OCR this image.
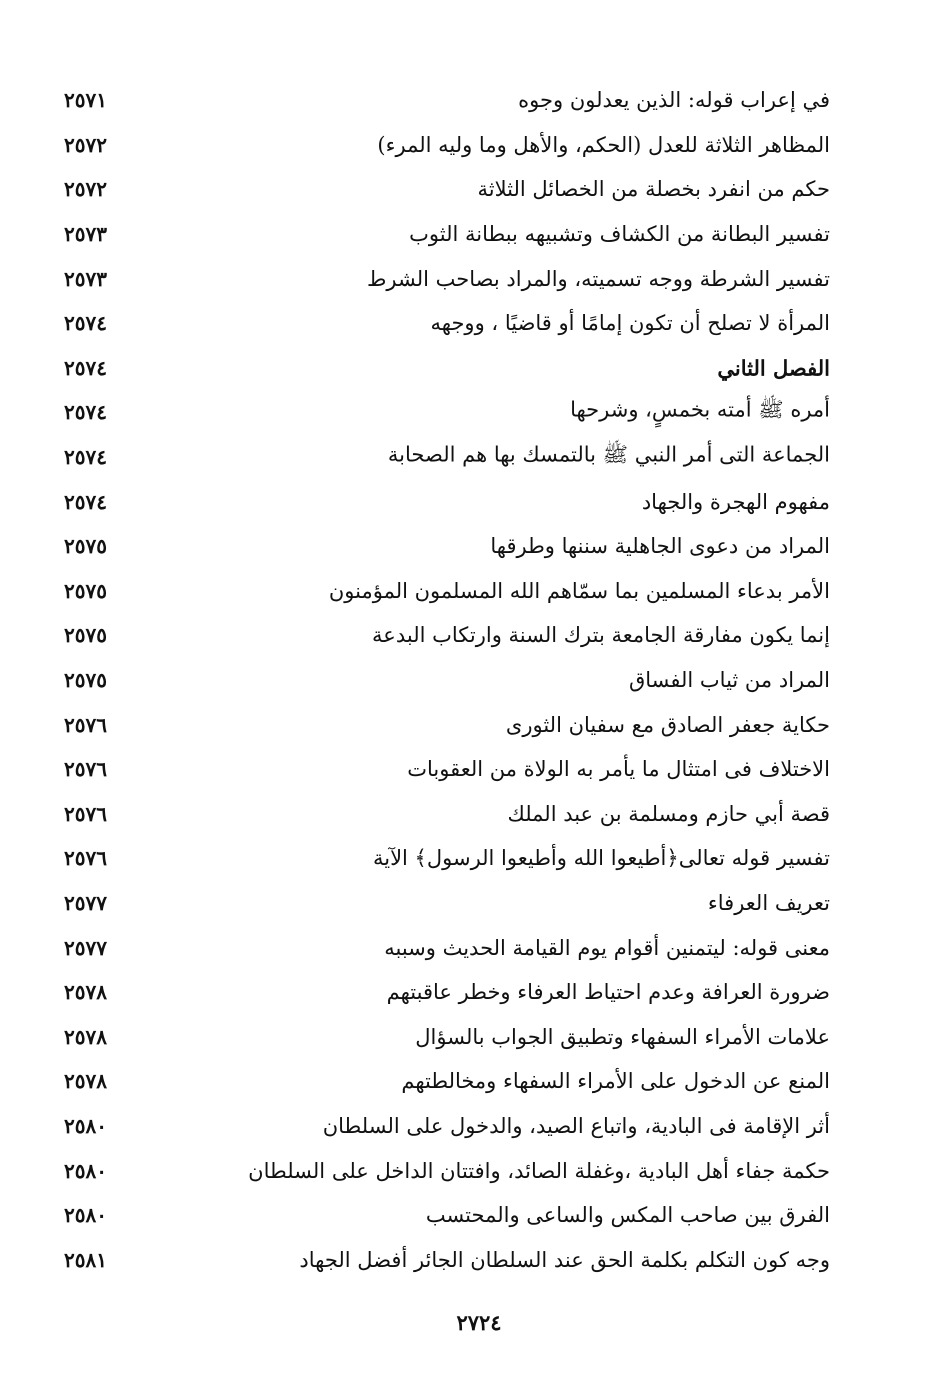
في إعراب قوله: الذين يعدلون وجوه
٢٥٧١
المظاهر الثلاثة للعدل (الحكم، والأهل وما وليه المرء)
٢٥٧٢
حكم من انفرد بخصلة من الخصائل الثلاثة
٢٥٧٢
تفسير البطانة من الكشاف وتشبيهه ببطانة الثوب
٢٥٧٣
تفسير الشرطة ووجه تسميته، والمراد بصاحب الشرط
٢٥٧٣
المرأة لا تصلح أن تكون إمامًا أو قاضيًا ، ووجهه
٢٥٧٤
الفصل الثاني
٢٥٧٤
أمره ﷺ أمته بخمسٍ، وشرحها
٢٥٧٤
الجماعة التى أمر النبي ﷺ بالتمسك بها هم الصحابة
٢٥٧٤
مفهوم الهجرة والجهاد
٢٥٧٤
المراد من دعوى الجاهلية سننها وطرقها
٢٥٧٥
الأمر بدعاء المسلمين بما سمّاهم الله المسلمون المؤمنون
٢٥٧٥
إنما يكون مفارقة الجامعة بترك السنة وارتكاب البدعة
٢٥٧٥
المراد من ثياب الفساق
٢٥٧٥
حكاية جعفر الصادق مع سفيان الثورى
٢٥٧٦
الاختلاف فى امتثال ما يأمر به الولاة من العقوبات
٢٥٧٦
قصة أبي حازم ومسلمة بن عبد الملك
٢٥٧٦
تفسير قوله تعالى﴿أطيعوا الله وأطيعوا الرسول﴾ الآية
٢٥٧٦
تعريف العرفاء
٢٥٧٧
معنى قوله: ليتمنين أقوام يوم القيامة الحديث وسببه
٢٥٧٧
ضرورة العرافة وعدم احتياط العرفاء وخطر عاقبتهم
٢٥٧٨
علامات الأمراء السفهاء وتطبيق الجواب بالسؤال
٢٥٧٨
المنع عن الدخول على الأمراء السفهاء ومخالطتهم
٢٥٧٨
أثر الإقامة فى البادية، واتباع الصيد، والدخول على السلطان
٢٥٨٠
حكمة جفاء أهل البادية ،وغفلة الصائد، وافتتان الداخل على السلطان
٢٥٨٠
الفرق بين صاحب المكس والساعى والمحتسب
٢٥٨٠
وجه كون التكلم بكلمة الحق عند السلطان الجائر أفضل الجهاد
٢٥٨١
٢٧٢٤
